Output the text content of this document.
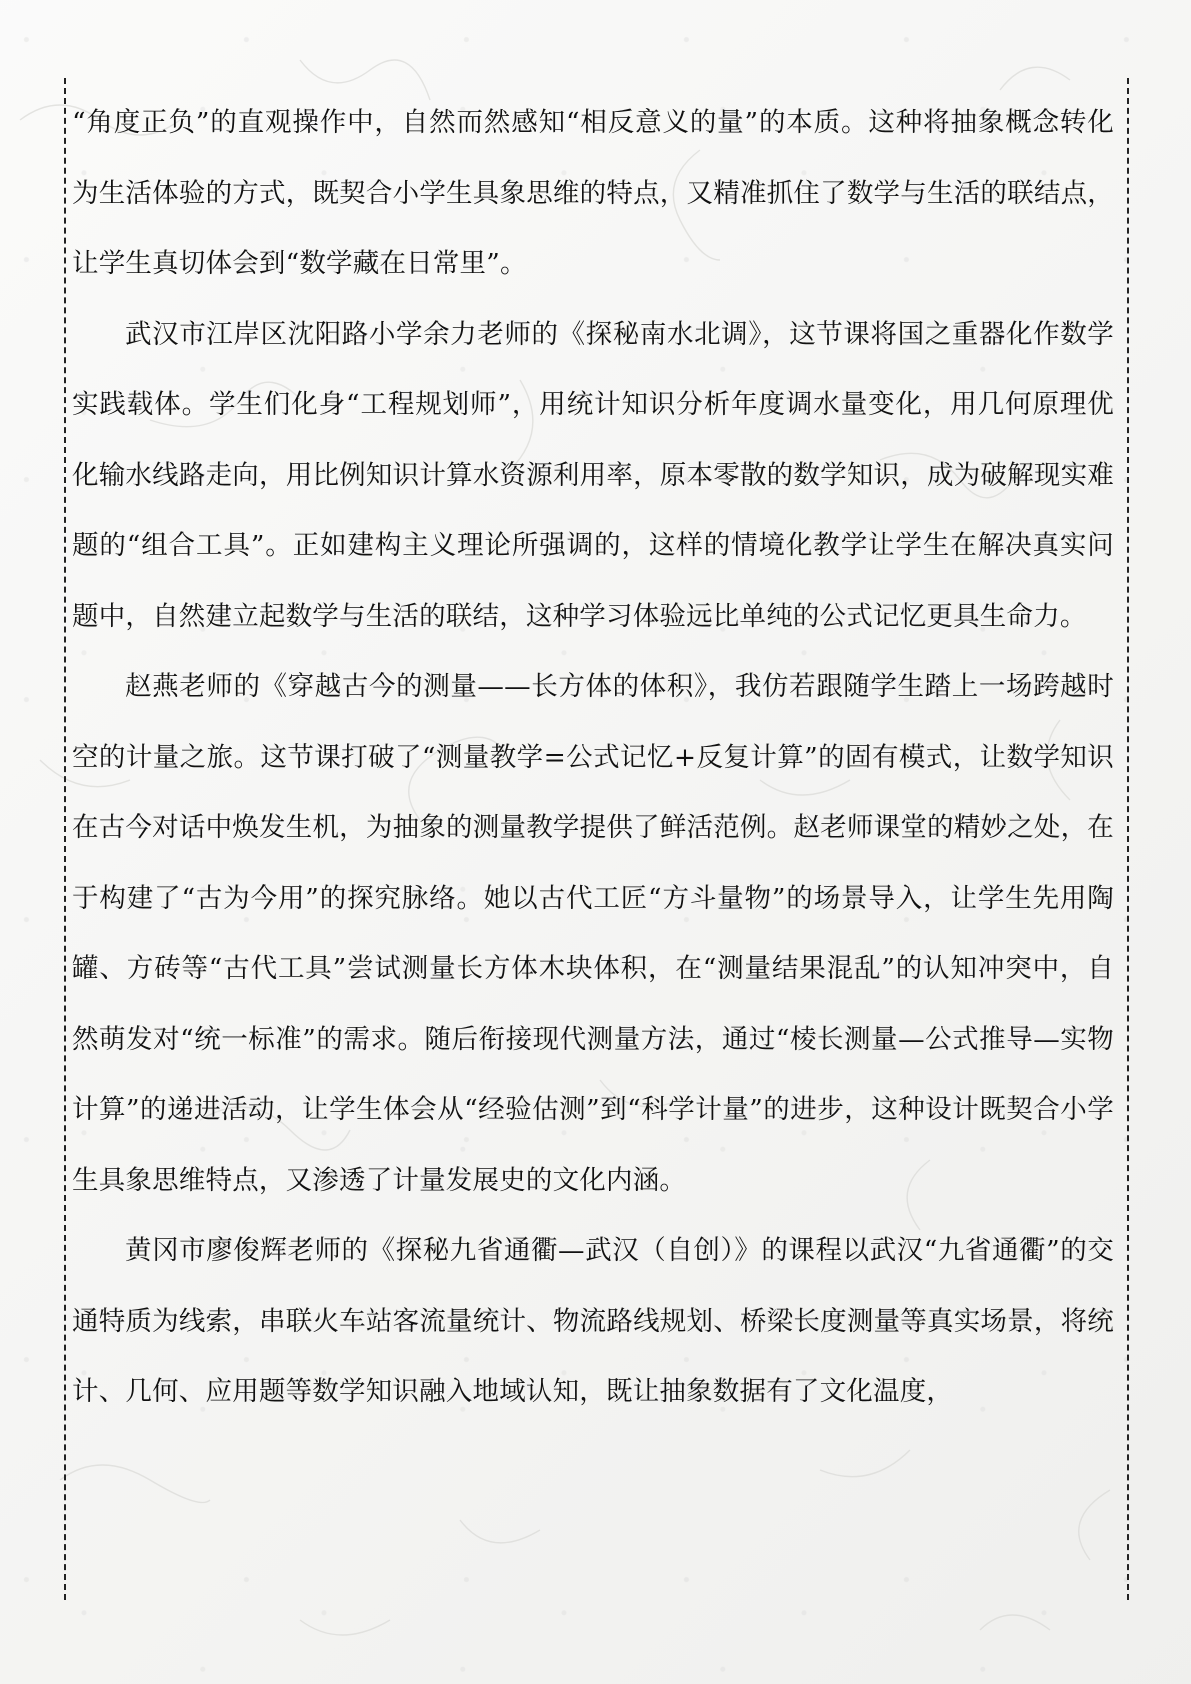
“角度正负”的直观操作中，自然而然感知“相反意义的量”的本质。这种将抽象概念转化为生活体验的方式，既契合小学生具象思维的特点，又精准抓住了数学与生活的联结点，让学生真切体会到“数学藏在日常里”。

武汉市江岸区沈阳路小学余力老师的《探秘南水北调》，这节课将国之重器化作数学实践载体。学生们化身“工程规划师”，用统计知识分析年度调水量变化，用几何原理优化输水线路走向，用比例知识计算水资源利用率，原本零散的数学知识，成为破解现实难题的“组合工具”。正如建构主义理论所强调的，这样的情境化教学让学生在解决真实问题中，自然建立起数学与生活的联结，这种学习体验远比单纯的公式记忆更具生命力。

赵燕老师的《穿越古今的测量——长方体的体积》，我仿若跟随学生踏上一场跨越时空的计量之旅。这节课打破了“测量教学=公式记忆+反复计算”的固有模式，让数学知识在古今对话中焕发生机，为抽象的测量教学提供了鲜活范例。赵老师课堂的精妙之处，在于构建了“古为今用”的探究脉络。她以古代工匠“方斗量物”的场景导入，让学生先用陶罐、方砖等“古代工具”尝试测量长方体木块体积，在“测量结果混乱”的认知冲突中，自然萌发对“统一标准”的需求。随后衔接现代测量方法，通过“棱长测量—公式推导—实物计算”的递进活动，让学生体会从“经验估测”到“科学计量”的进步，这种设计既契合小学生具象思维特点，又渗透了计量发展史的文化内涵。

黄冈市廖俊辉老师的《探秘九省通衢—武汉（自创）》的课程以武汉“九省通衢”的交通特质为线索，串联火车站客流量统计、物流路线规划、桥梁长度测量等真实场景，将统计、几何、应用题等数学知识融入地域认知，既让抽象数据有了文化温度，
